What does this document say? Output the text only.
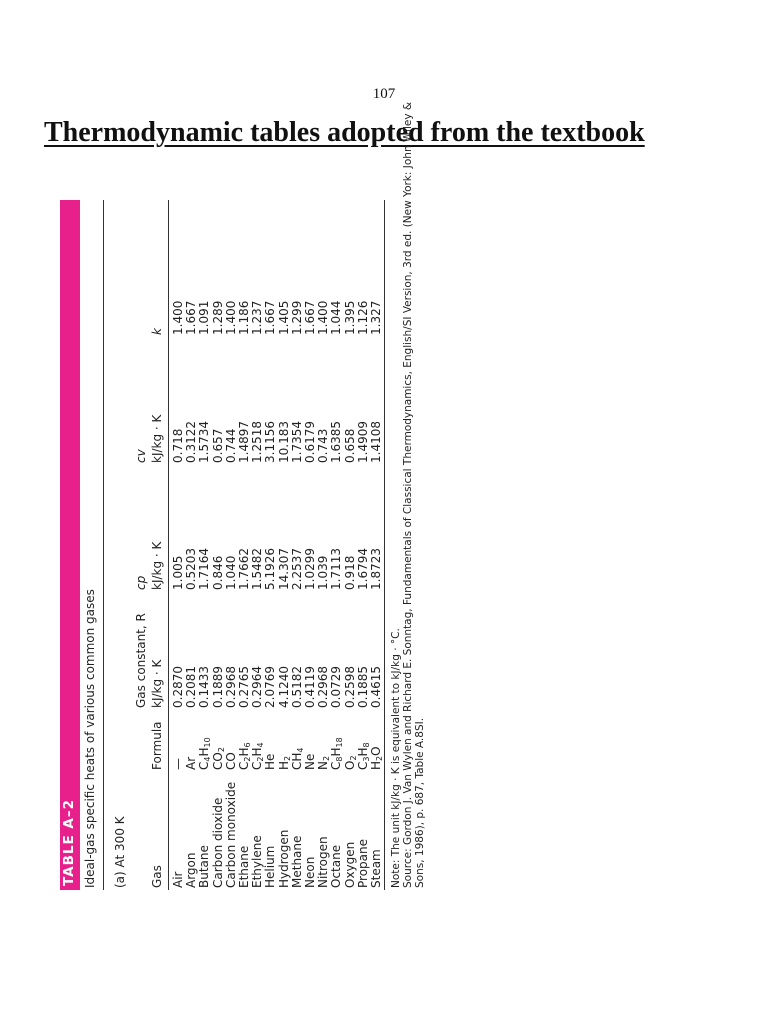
107
Thermodynamic tables adopted from the textbook
TABLE A–2 Ideal-gas specific heats of various common gases (a) At 300 K
Gas constant, R
cp
cv
Gas
Formula
kJ/kg · K
kJ/kg · K
kJ/kg · K
k
Air
—
0.2870
1.005
0.718
1.400
Argon
Ar
0.2081
0.5203
0.3122
1.667
Butane
$C_4H_{10}$
0.1433
1.7164
1.5734
1.091
Carbon dioxide
$CO_2$
0.1889
0.846
0.657
1.289
Carbon monoxide
CO
0.2968
1.040
0.744
1.400
Ethane
$C_2H_6$
0.2765
1.7662
1.4897
1.186
Ethylene
$C_2H_4$
0.2964
1.5482
1.2518
1.237
Helium
He
2.0769
5.1926
3.1156
1.667
Hydrogen
$H_2$
4.1240
14.307
10.183
1.405
Methane
$CH_4$
0.5182
2.2537
1.7354
1.299
Neon
Ne
0.4119
1.0299
0.6179
1.667
Nitrogen
$N_2$
0.2968
1.039
0.743
1.400
Octane
$C_8H_{18}$
0.0729
1.7113
1.6385
1.044
Oxygen
$O_2$
0.2598
0.918
0.658
1.395
Propane
$C_3H_8$
0.1885
1.6794
1.4909
1.126
Steam
$H_2O$
0.4615
1.8723
1.4108
1.327
Note: The unit kJ/kg · K is equivalent to kJ/kg · °C. Source: Gordon J. Van Wylen and Richard E. Sonntag, Fundamentals of Classical Thermodynamics, English/SI Version, 3rd ed. (New York: John Wiley & Sons, 1986), p. 687, Table A.8SI.
